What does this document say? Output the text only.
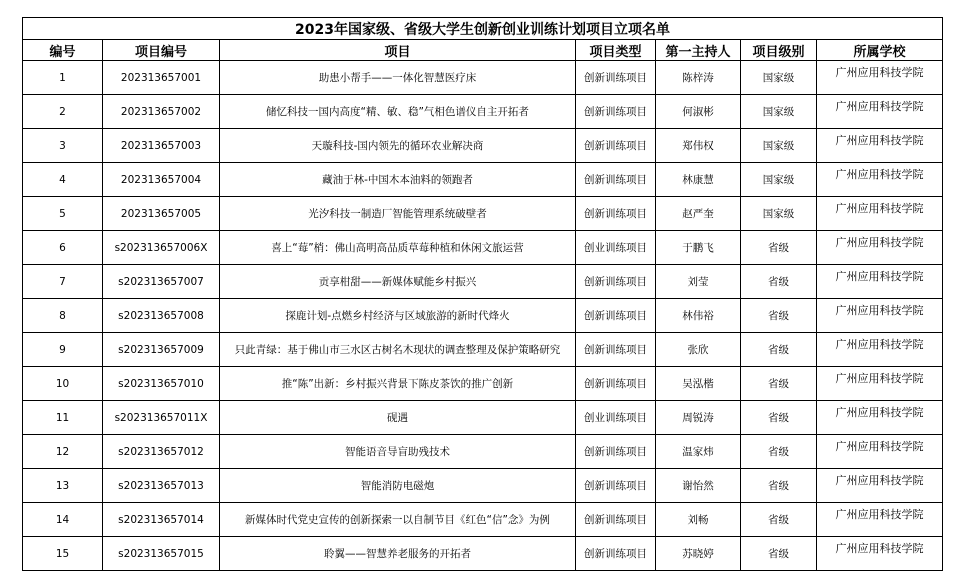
2023年国家级、省级大学生创新创业训练计划项目立项名单						
编号	项目编号	项目	项目类型	第一主持人	项目级别	所属学校
1	202313657001	助患小帮手——一体化智慧医疗床	创新训练项目	陈梓涛	国家级	广州应用科技学院
2	202313657002	储忆科技一国内高度“精、敏、稳”气相色谱仪自主开拓者	创新训练项目	何淑彬	国家级	广州应用科技学院
3	202313657003	天璇科技-国内领先的循环农业解决商	创新训练项目	郑伟权	国家级	广州应用科技学院
4	202313657004	藏油于林-中国木本油料的领跑者	创新训练项目	林康慧	国家级	广州应用科技学院
5	202313657005	光汐科技一制造厂智能管理系统破壁者	创新训练项目	赵严奎	国家级	广州应用科技学院
6	s202313657006X	喜上“莓”梢：佛山高明高品质草莓种植和休闲文旅运营	创业训练项目	于鹏飞	省级	广州应用科技学院
7	s202313657007	贡享柑甜——新媒体赋能乡村振兴	创新训练项目	刘莹	省级	广州应用科技学院
8	s202313657008	探鹿计划-点燃乡村经济与区域旅游的新时代烽火	创新训练项目	林伟裕	省级	广州应用科技学院
9	s202313657009	只此青绿：基于佛山市三水区古树名木现状的调查整理及保护策略研究	创新训练项目	张欣	省级	广州应用科技学院
10	s202313657010	推“陈”出新：乡村振兴背景下陈皮茶饮的推广创新	创新训练项目	吴泓楷	省级	广州应用科技学院
11	s202313657011X	砚遇	创业训练项目	周锐涛	省级	广州应用科技学院
12	s202313657012	智能语音导盲助残技术	创新训练项目	温家炜	省级	广州应用科技学院
13	s202313657013	智能消防电磁炮	创新训练项目	谢怡然	省级	广州应用科技学院
14	s202313657014	新媒体时代党史宣传的创新探索一以自制节目《红色“信”念》为例	创新训练项目	刘畅	省级	广州应用科技学院
15	s202313657015	聆翼——智慧养老服务的开拓者	创新训练项目	苏晓婷	省级	广州应用科技学院
